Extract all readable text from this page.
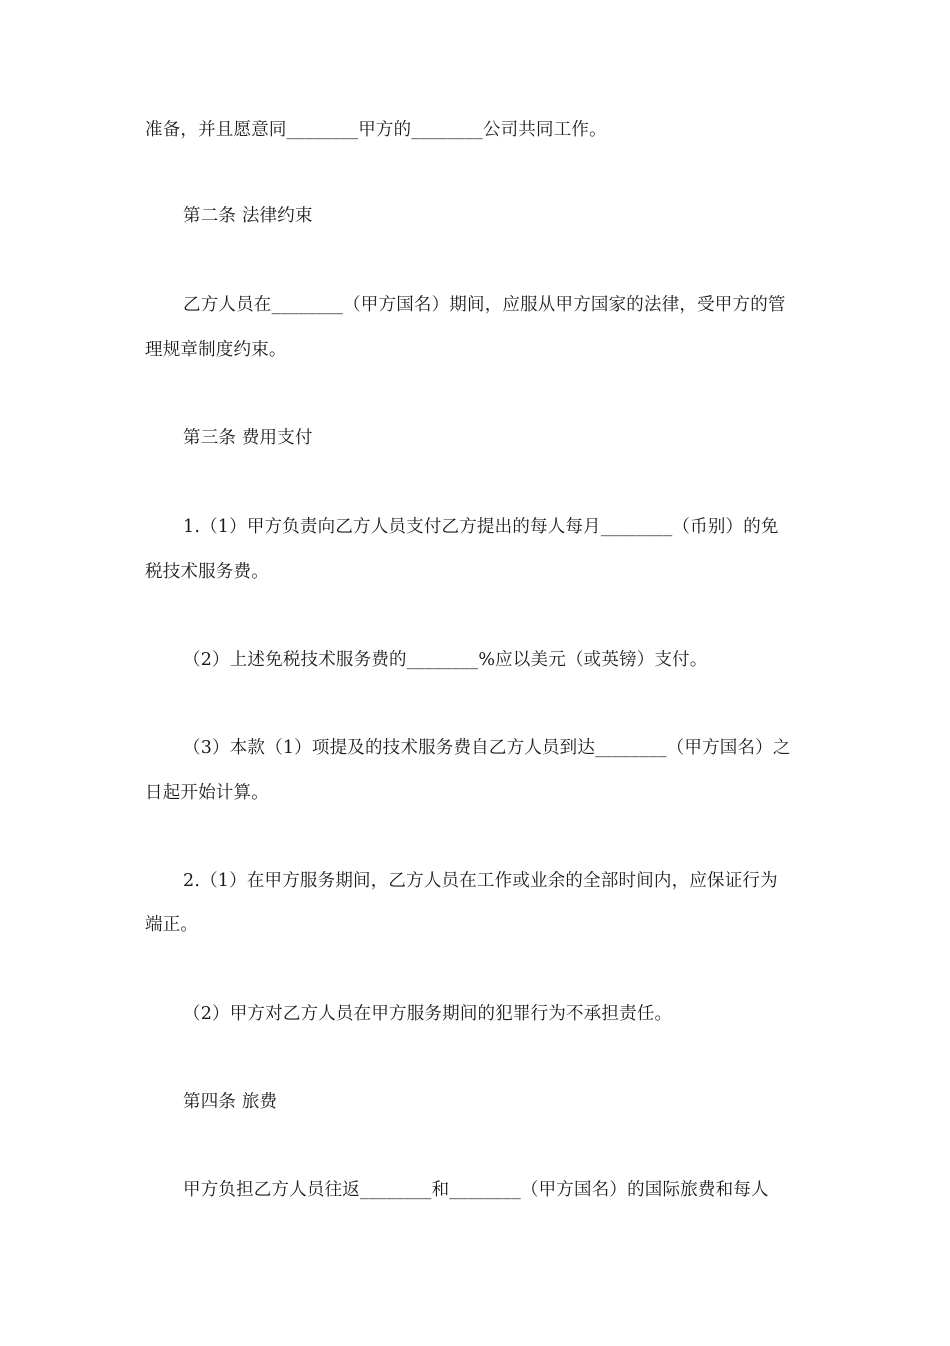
准备，并且愿意同________甲方的________公司共同工作。
第二条 法律约束
乙方人员在________（甲方国名）期间，应服从甲方国家的法律，受甲方的管
理规章制度约束。
第三条 费用支付
1.（1）甲方负责向乙方人员支付乙方提出的每人每月________（币别）的免
税技术服务费。
（2）上述免税技术服务费的________%应以美元（或英镑）支付。
（3）本款（1）项提及的技术服务费自乙方人员到达________（甲方国名）之
日起开始计算。
2.（1）在甲方服务期间，乙方人员在工作或业余的全部时间内，应保证行为
端正。
（2）甲方对乙方人员在甲方服务期间的犯罪行为不承担责任。
第四条 旅费
甲方负担乙方人员往返________和________（甲方国名）的国际旅费和每人
